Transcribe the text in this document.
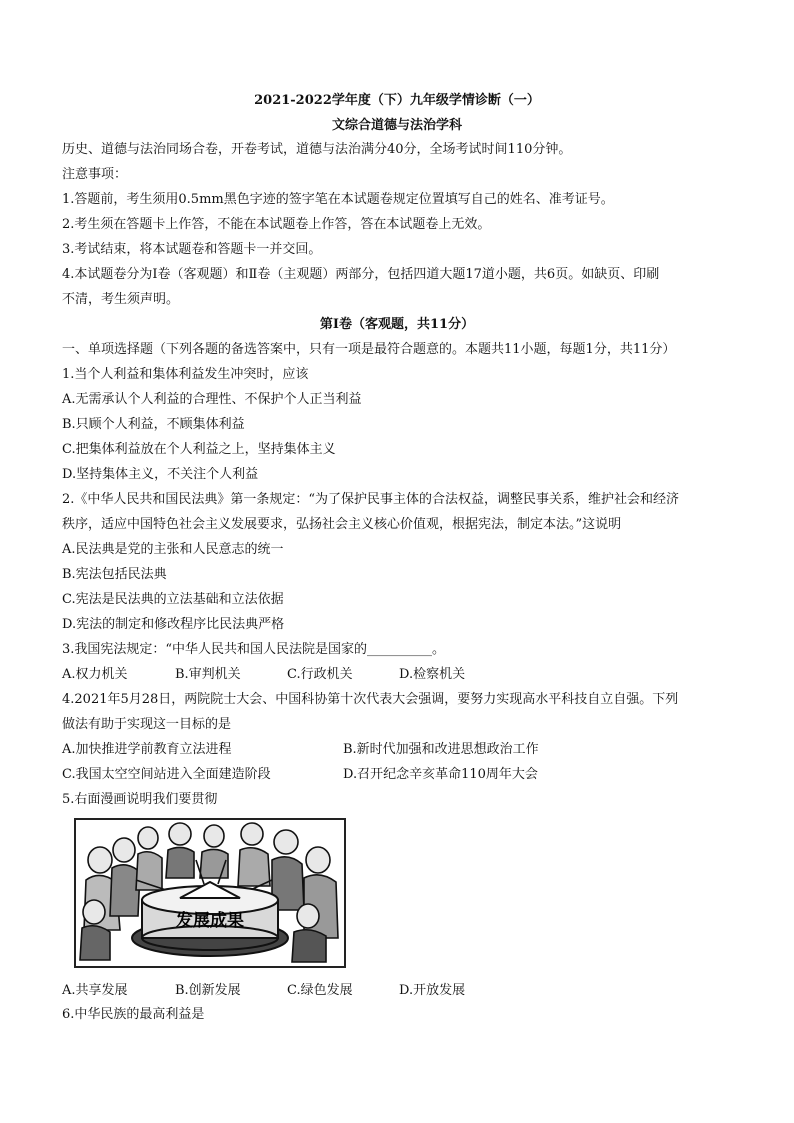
2021-2022学年度（下）九年级学情诊断（一）
文综合道德与法治学科
历史、道德与法治同场合卷，开卷考试，道德与法治满分40分，全场考试时间110分钟。
注意事项：
1.答题前，考生须用0.5mm黑色字迹的签字笔在本试题卷规定位置填写自己的姓名、准考证号。
2.考生须在答题卡上作答，不能在本试题卷上作答，答在本试题卷上无效。
3.考试结束，将本试题卷和答题卡一并交回。
4.本试题卷分为Ⅰ卷（客观题）和Ⅱ卷（主观题）两部分，包括四道大题17道小题，共6页。如缺页、印刷
不清，考生须声明。
第Ⅰ卷（客观题，共11分）
一、单项选择题（下列各题的备选答案中，只有一项是最符合题意的。本题共11小题，每题1分，共11分）
1.当个人利益和集体利益发生冲突时，应该
A.无需承认个人利益的合理性、不保护个人正当利益
B.只顾个人利益，不顾集体利益
C.把集体利益放在个人利益之上，坚持集体主义
D.坚持集体主义，不关注个人利益
2.《中华人民共和国民法典》第一条规定：“为了保护民事主体的合法权益，调整民事关系，维护社会和经济
秩序，适应中国特色社会主义发展要求，弘扬社会主义核心价值观，根据宪法，制定本法。”这说明
A.民法典是党的主张和人民意志的统一
B.宪法包括民法典
C.宪法是民法典的立法基础和立法依据
D.宪法的制定和修改程序比民法典严格
3.我国宪法规定：“中华人民共和国人民法院是国家的__________。
A.权力机关	B.审判机关	C.行政机关	D.检察机关
4.2021年5月28日，两院院士大会、中国科协第十次代表大会强调，要努力实现高水平科技自立自强。下列
做法有助于实现这一目标的是
A.加快推进学前教育立法进程	B.新时代加强和改进思想政治工作
C.我国太空空间站进入全面建造阶段	D.召开纪念辛亥革命110周年大会
5.右面漫画说明我们要贯彻
发展成果
A.共享发展	B.创新发展	C.绿色发展	D.开放发展
6.中华民族的最高利益是
